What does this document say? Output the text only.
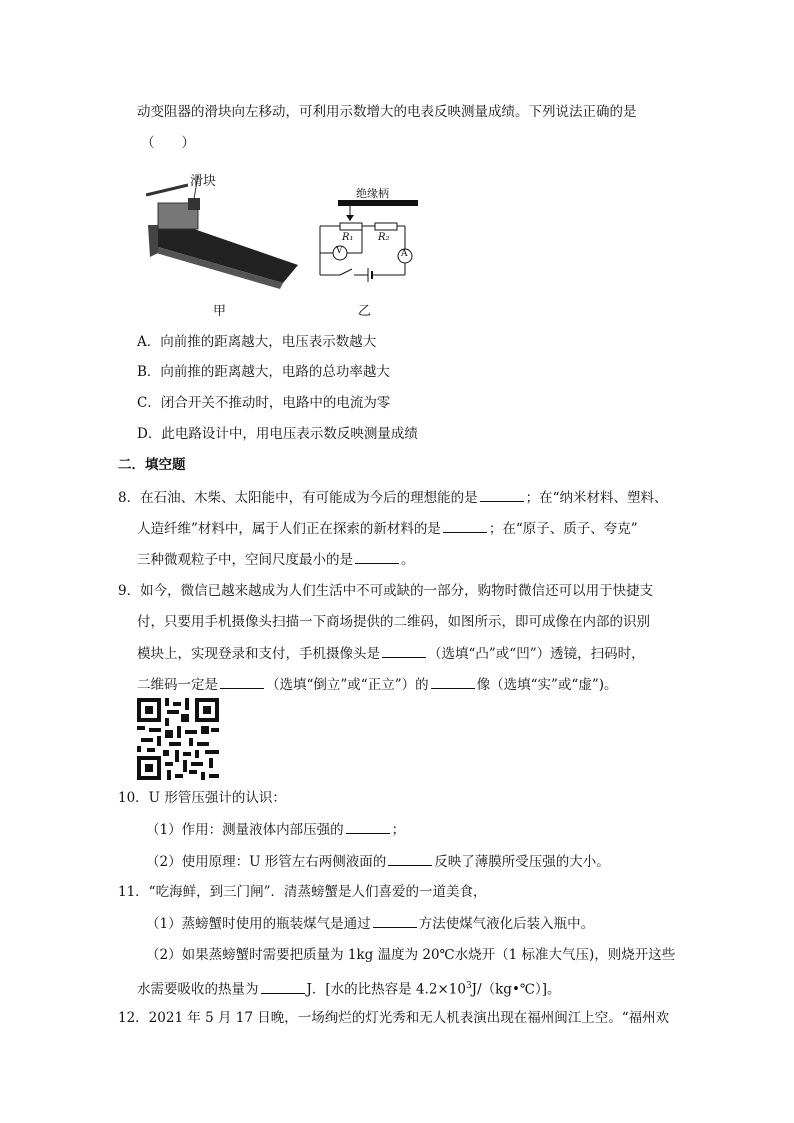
动变阻器的滑块向左移动，可利用示数增大的电表反映测量成绩。下列说法正确的是
（　　）
滑块
甲
绝缘柄
R₁ R₂
V	A
乙
A．向前推的距离越大，电压表示数越大
B．向前推的距离越大，电路的总功率越大
C．闭合开关不推动时，电路中的电流为零
D．此电路设计中，用电压表示数反映测量成绩
二．填空题
8．在石油、木柴、太阳能中，有可能成为今后的理想能的是	；在“纳米材料、塑料、
人造纤维”材料中，属于人们正在探索的新材料的是	；在“原子、质子、夸克”
三种微观粒子中，空间尺度最小的是	。
9．如今，微信已越来越成为人们生活中不可或缺的一部分，购物时微信还可以用于快捷支
付，只要用手机摄像头扫描一下商场提供的二维码，如图所示，即可成像在内部的识别
模块上，实现登录和支付，手机摄像头是	（选填“凸”或“凹”）透镜，扫码时，
二维码一定是	（选填“倒立”或“正立”）的	像（选填“实”或“虚”)。
10．U 形管压强计的认识：
（1）作用：测量液体内部压强的	；
（2）使用原理：U 形管左右两侧液面的	反映了薄膜所受压强的大小。
11．“吃海鲜，到三门闸”．清蒸螃蟹是人们喜爱的一道美食，
（1）蒸螃蟹时使用的瓶装煤气是通过	方法使煤气液化后装入瓶中。
（2）如果蒸螃蟹时需要把质量为 1kg 温度为 20℃水烧开（1 标准大气压)，则烧开这些
水需要吸收的热量为	J．[水的比热容是 $4.2\times 10^3J/(kg•℃)$]。
12．2021 年 5 月 17 日晚，一场绚烂的灯光秀和无人机表演出现在福州闽江上空。“福州欢
